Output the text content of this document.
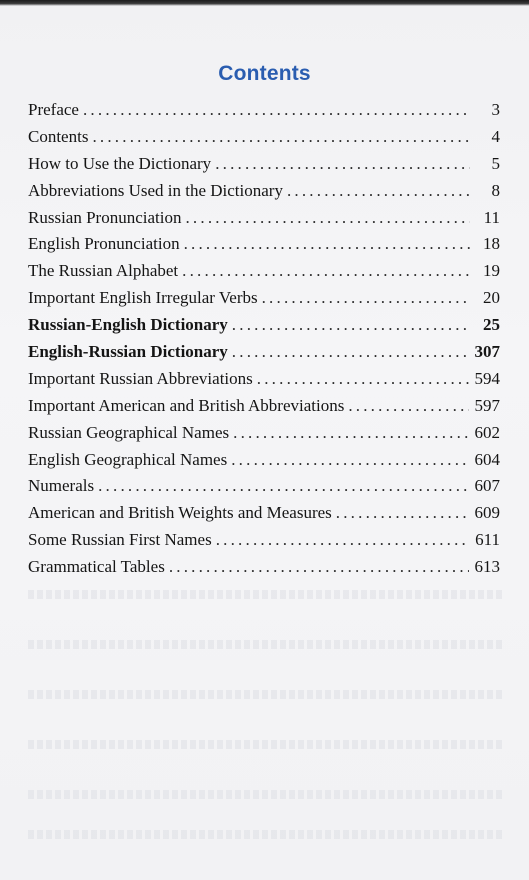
Contents
Preface .....	3
Contents .....	4
How to Use the Dictionary .....	5
Abbreviations Used in the Dictionary .....	8
Russian Pronunciation .....	11
English Pronunciation .....	18
The Russian Alphabet .....	19
Important English Irregular Verbs .....	20
Russian-English Dictionary .....	25
English-Russian Dictionary .....	307
Important Russian Abbreviations .....	594
Important American and British Abbreviations .....	597
Russian Geographical Names .....	602
English Geographical Names .....	604
Numerals .....	607
American and British Weights and Measures .....	609
Some Russian First Names .....	611
Grammatical Tables .....	613
